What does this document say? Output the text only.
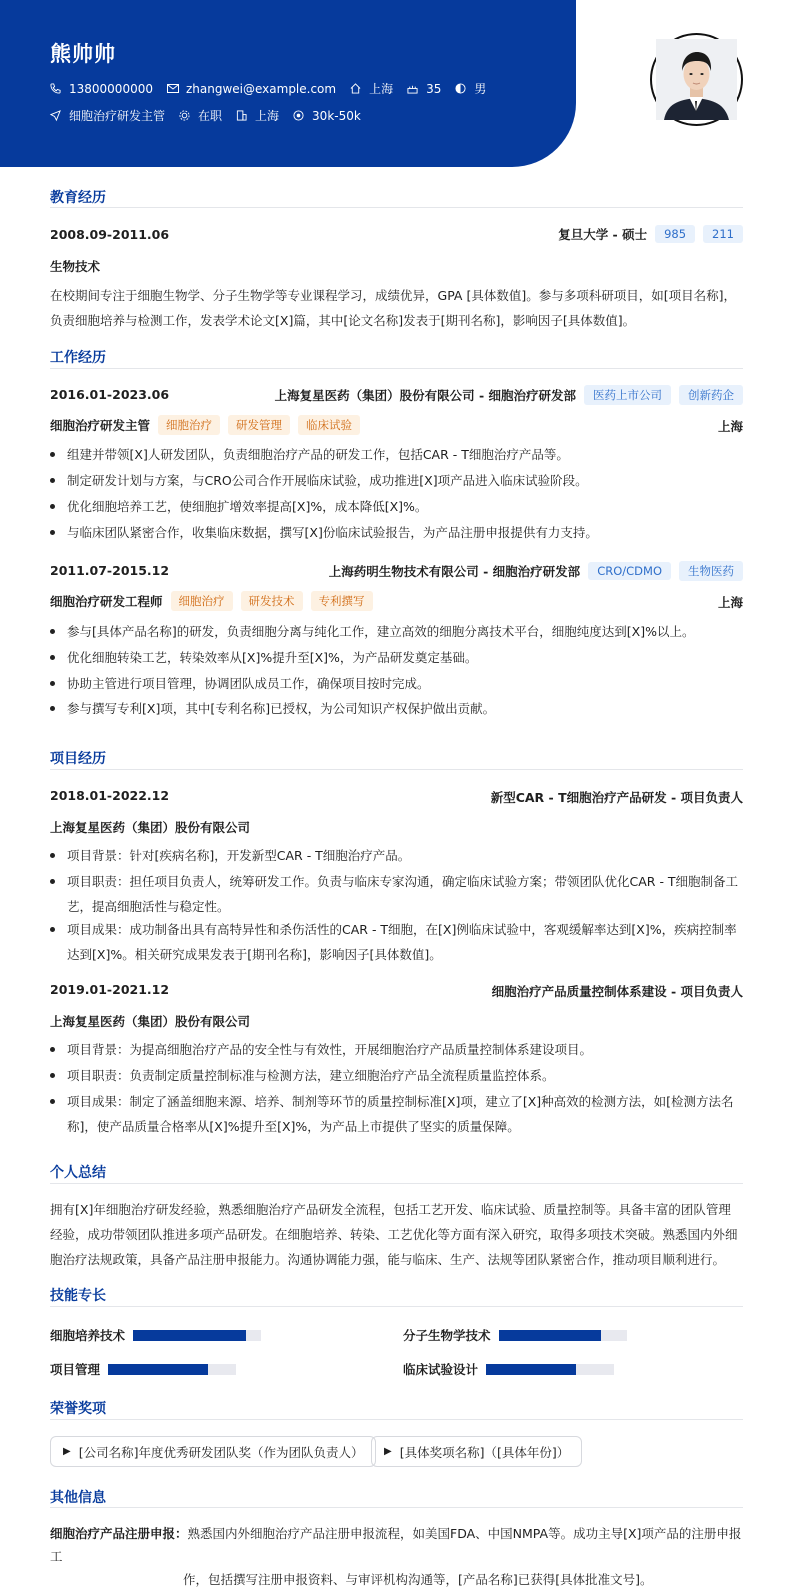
熊帅帅
13800000000	zhangwei@example.com	上海	35	男
细胞治疗研发主管	在职	上海	30k-50k
教育经历
2008.09-2011.06	复旦大学 - 硕士	985	211
生物技术
在校期间专注于细胞生物学、分子生物学等专业课程学习，成绩优异，GPA [具体数值]。参与多项科研项目，如[项目名称]，负责细胞培养与检测工作，发表学术论文[X]篇，其中[论文名称]发表于[期刊名称]，影响因子[具体数值]。
工作经历
2016.01-2023.06	上海复星医药（集团）股份有限公司 - 细胞治疗研发部	医药上市公司	创新药企
细胞治疗研发主管	细胞治疗	研发管理	临床试验	上海
组建并带领[X]人研发团队，负责细胞治疗产品的研发工作，包括CAR - T细胞治疗产品等。
制定研发计划与方案，与CRO公司合作开展临床试验，成功推进[X]项产品进入临床试验阶段。
优化细胞培养工艺，使细胞扩增效率提高[X]%，成本降低[X]%。
与临床团队紧密合作，收集临床数据，撰写[X]份临床试验报告，为产品注册申报提供有力支持。
2011.07-2015.12	上海药明生物技术有限公司 - 细胞治疗研发部	CRO/CDMO	生物医药
细胞治疗研发工程师	细胞治疗	研发技术	专利撰写	上海
参与[具体产品名称]的研发，负责细胞分离与纯化工作，建立高效的细胞分离技术平台，细胞纯度达到[X]%以上。
优化细胞转染工艺，转染效率从[X]%提升至[X]%，为产品研发奠定基础。
协助主管进行项目管理，协调团队成员工作，确保项目按时完成。
参与撰写专利[X]项，其中[专利名称]已授权，为公司知识产权保护做出贡献。
项目经历
2018.01-2022.12	新型CAR - T细胞治疗产品研发 - 项目负责人
上海复星医药（集团）股份有限公司
项目背景：针对[疾病名称]，开发新型CAR - T细胞治疗产品。
项目职责：担任项目负责人，统筹研发工作。负责与临床专家沟通，确定临床试验方案；带领团队优化CAR - T细胞制备工艺，提高细胞活性与稳定性。
项目成果：成功制备出具有高特异性和杀伤活性的CAR - T细胞，在[X]例临床试验中，客观缓解率达到[X]%，疾病控制率达到[X]%。相关研究成果发表于[期刊名称]，影响因子[具体数值]。
2019.01-2021.12	细胞治疗产品质量控制体系建设 - 项目负责人
上海复星医药（集团）股份有限公司
项目背景：为提高细胞治疗产品的安全性与有效性，开展细胞治疗产品质量控制体系建设项目。
项目职责：负责制定质量控制标准与检测方法，建立细胞治疗产品全流程质量监控体系。
项目成果：制定了涵盖细胞来源、培养、制剂等环节的质量控制标准[X]项，建立了[X]种高效的检测方法，如[检测方法名称]，使产品质量合格率从[X]%提升至[X]%，为产品上市提供了坚实的质量保障。
个人总结
拥有[X]年细胞治疗研发经验，熟悉细胞治疗产品研发全流程，包括工艺开发、临床试验、质量控制等。具备丰富的团队管理经验，成功带领团队推进多项产品研发。在细胞培养、转染、工艺优化等方面有深入研究，取得多项技术突破。熟悉国内外细胞治疗法规政策，具备产品注册申报能力。沟通协调能力强，能与临床、生产、法规等团队紧密合作，推动项目顺利进行。
技能专长
细胞培养技术	分子生物学技术
项目管理	临床试验设计
荣誉奖项
▶ [公司名称]年度优秀研发团队奖（作为团队负责人） ▶ [具体奖项名称]（[具体年份]）
其他信息
细胞治疗产品注册申报：熟悉国内外细胞治疗产品注册申报流程，如美国FDA、中国NMPA等。成功主导[X]项产品的注册申报工
作，包括撰写注册申报资料、与审评机构沟通等，[产品名称]已获得[具体批准文号]。
